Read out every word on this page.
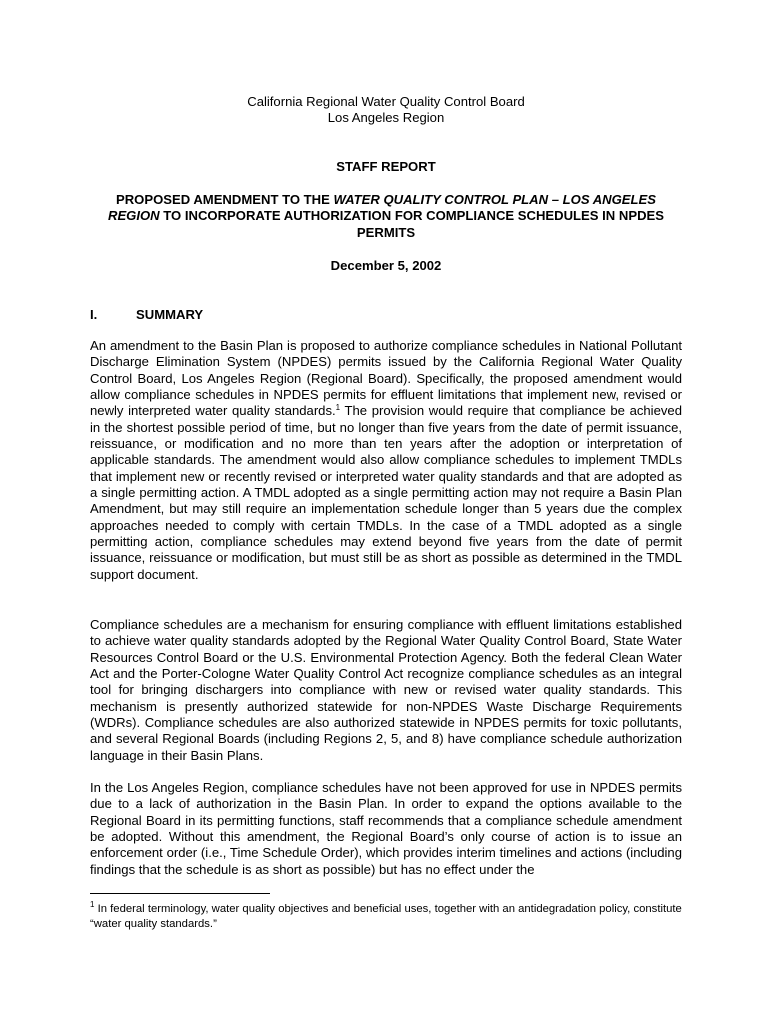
California Regional Water Quality Control Board
Los Angeles Region
STAFF REPORT
PROPOSED AMENDMENT TO THE WATER QUALITY CONTROL PLAN – LOS ANGELES REGION TO INCORPORATE AUTHORIZATION FOR COMPLIANCE SCHEDULES IN NPDES PERMITS
December 5, 2002
I.	SUMMARY

An amendment to the Basin Plan is proposed to authorize compliance schedules in National Pollutant Discharge Elimination System (NPDES) permits issued by the California Regional Water Quality Control Board, Los Angeles Region (Regional Board). Specifically, the proposed amendment would allow compliance schedules in NPDES permits for effluent limitations that implement new, revised or newly interpreted water quality standards.$^1$ The provision would require that compliance be achieved in the shortest possible period of time, but no longer than five years from the date of permit issuance, reissuance, or modification and no more than ten years after the adoption or interpretation of applicable standards. The amendment would also allow compliance schedules to implement TMDLs that implement new or recently revised or interpreted water quality standards and that are adopted as a single permitting action. A TMDL adopted as a single permitting action may not require a Basin Plan Amendment, but may still require an implementation schedule longer than 5 years due the complex approaches needed to comply with certain TMDLs. In the case of a TMDL adopted as a single permitting action, compliance schedules may extend beyond five years from the date of permit issuance, reissuance or modification, but must still be as short as possible as determined in the TMDL support document.

Compliance schedules are a mechanism for ensuring compliance with effluent limitations established to achieve water quality standards adopted by the Regional Water Quality Control Board, State Water Resources Control Board or the U.S. Environmental Protection Agency. Both the federal Clean Water Act and the Porter-Cologne Water Quality Control Act recognize compliance schedules as an integral tool for bringing dischargers into compliance with new or revised water quality standards. This mechanism is presently authorized statewide for non-NPDES Waste Discharge Requirements (WDRs). Compliance schedules are also authorized statewide in NPDES permits for toxic pollutants, and several Regional Boards (including Regions 2, 5, and 8) have compliance schedule authorization language in their Basin Plans.

In the Los Angeles Region, compliance schedules have not been approved for use in NPDES permits due to a lack of authorization in the Basin Plan. In order to expand the options available to the Regional Board in its permitting functions, staff recommends that a compliance schedule amendment be adopted. Without this amendment, the Regional Board’s only course of action is to issue an enforcement order (i.e., Time Schedule Order), which provides interim timelines and actions (including findings that the schedule is as short as possible) but has no effect under the

$^1$ In federal terminology, water quality objectives and beneficial uses, together with an antidegradation policy, constitute “water quality standards.”
